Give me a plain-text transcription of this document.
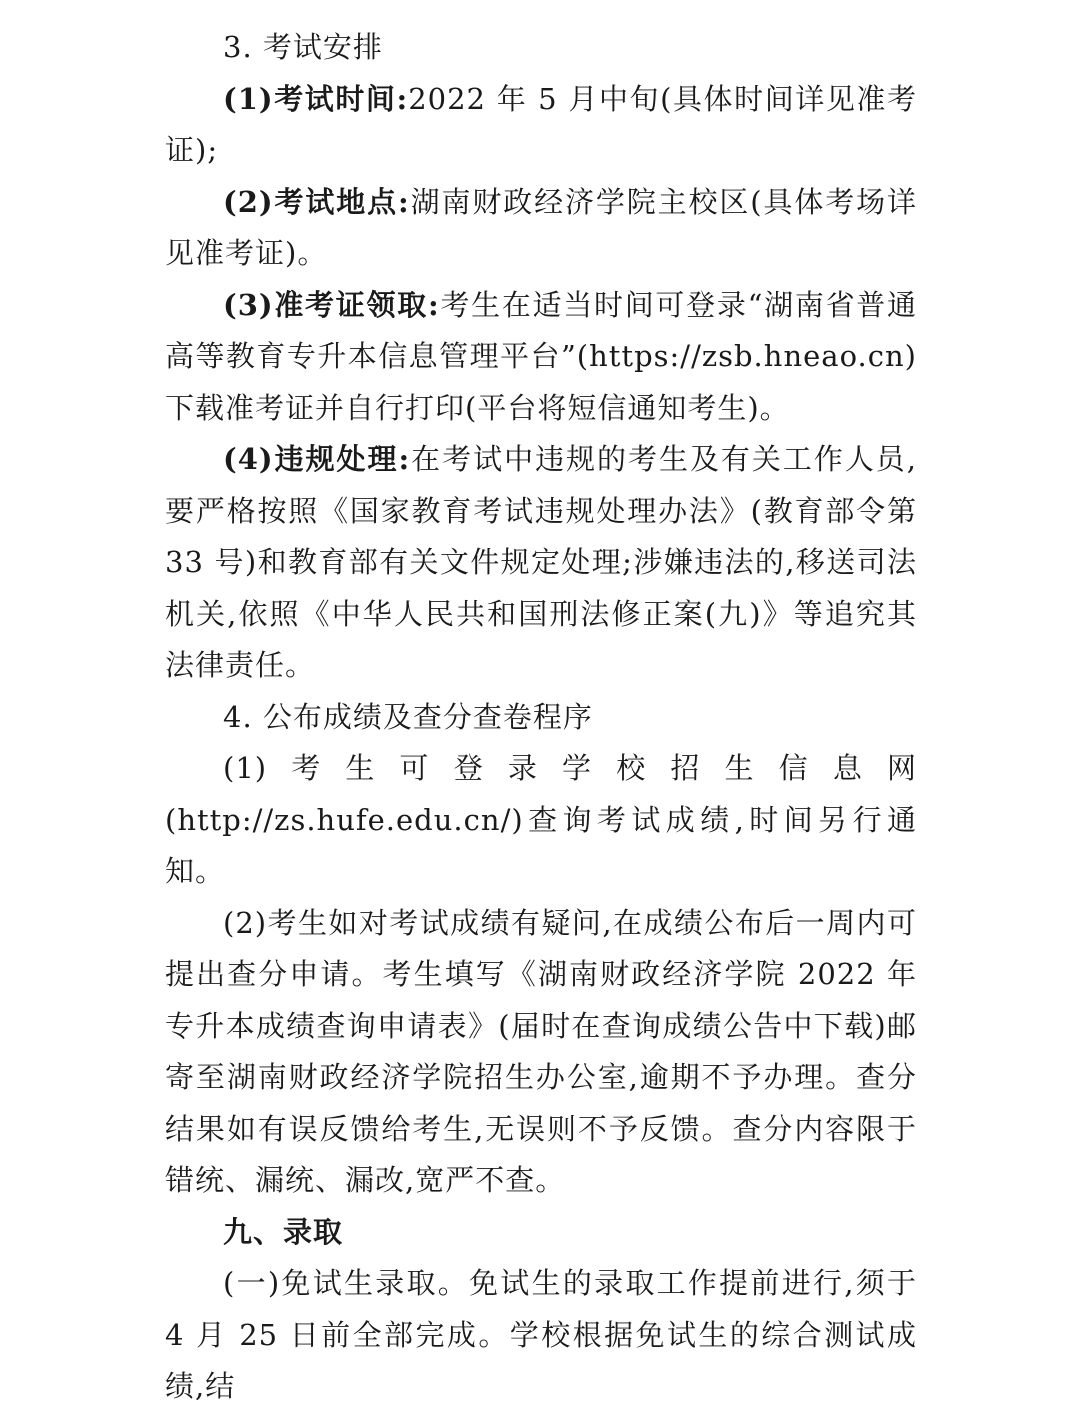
3. 考试安排

(1)考试时间:2022 年 5 月中旬(具体时间详见准考证);

(2)考试地点:湖南财政经济学院主校区(具体考场详见准考证)。

(3)准考证领取:考生在适当时间可登录“湖南省普通高等教育专升本信息管理平台”(https://zsb.hneao.cn)下载准考证并自行打印(平台将短信通知考生)。

(4)违规处理:在考试中违规的考生及有关工作人员,要严格按照《国家教育考试违规处理办法》(教育部令第 33 号)和教育部有关文件规定处理;涉嫌违法的,移送司法机关,依照《中华人民共和国刑法修正案(九)》等追究其法律责任。

4. 公布成绩及查分查卷程序

(1)考生可登录学校招生信息网(http://zs.hufe.edu.cn/)查询考试成绩,时间另行通知。

(2)考生如对考试成绩有疑问,在成绩公布后一周内可提出查分申请。考生填写《湖南财政经济学院 2022 年专升本成绩查询申请表》(届时在查询成绩公告中下载)邮寄至湖南财政经济学院招生办公室,逾期不予办理。查分结果如有误反馈给考生,无误则不予反馈。查分内容限于错统、漏统、漏改,宽严不查。

九、录取

(一)免试生录取。免试生的录取工作提前进行,须于 4 月 25 日前全部完成。学校根据免试生的综合测试成绩,结
